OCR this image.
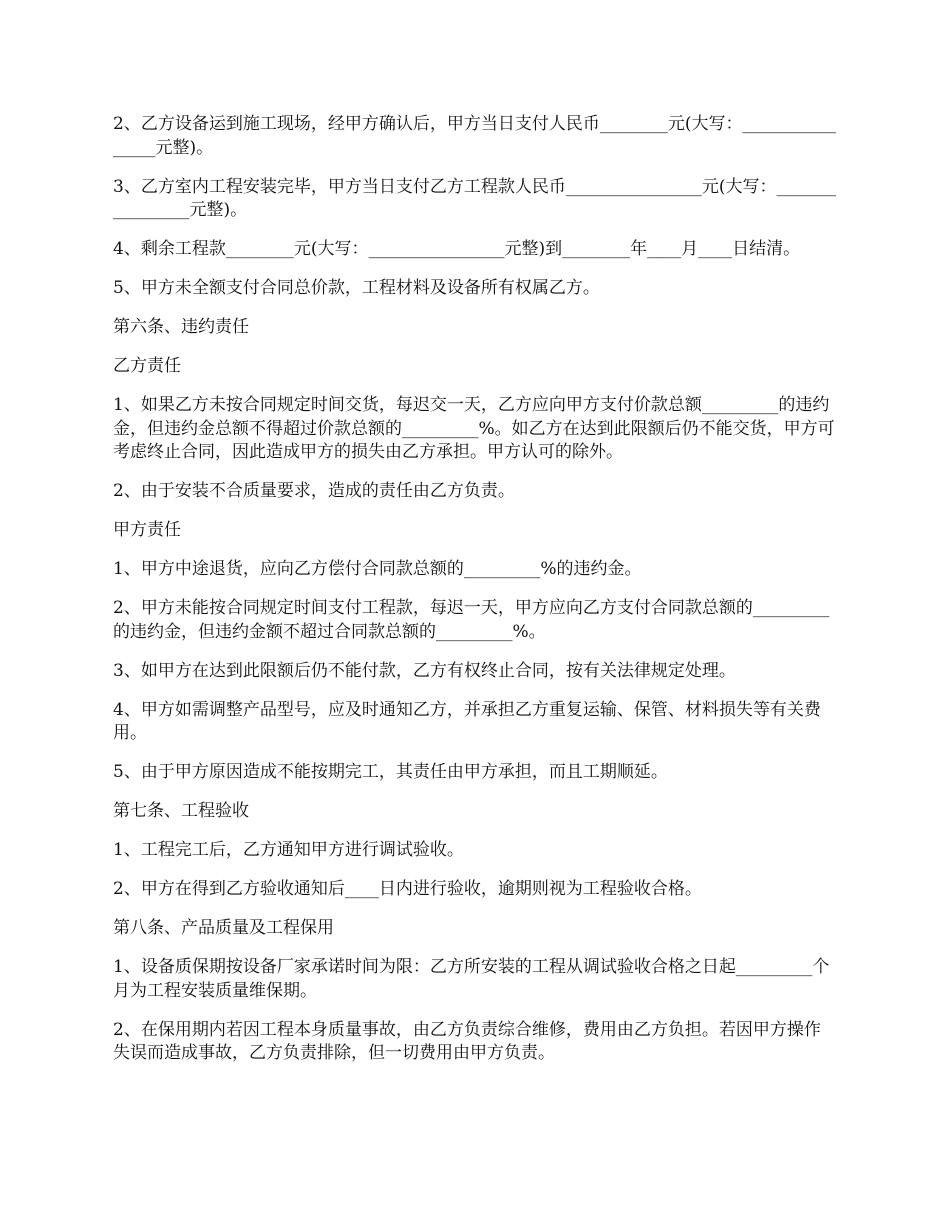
2、乙方设备运到施工现场，经甲方确认后，甲方当日支付人民币________元(大写：________________元整)。

3、乙方室内工程安装完毕，甲方当日支付乙方工程款人民币________________元(大写：________________元整)。

4、剩余工程款________元(大写：________________元整)到________年____月____日结清。

5、甲方未全额支付合同总价款，工程材料及设备所有权属乙方。

第六条、违约责任

乙方责任

1、如果乙方未按合同规定时间交货，每迟交一天，乙方应向甲方支付价款总额_________的违约金，但违约金总额不得超过价款总额的_________%。如乙方在达到此限额后仍不能交货，甲方可考虑终止合同，因此造成甲方的损失由乙方承担。甲方认可的除外。

2、由于安装不合质量要求，造成的责任由乙方负责。

甲方责任

1、甲方中途退货，应向乙方偿付合同款总额的_________%的违约金。

2、甲方未能按合同规定时间支付工程款，每迟一天，甲方应向乙方支付合同款总额的_________的违约金，但违约金额不超过合同款总额的_________%。

3、如甲方在达到此限额后仍不能付款，乙方有权终止合同，按有关法律规定处理。

4、甲方如需调整产品型号，应及时通知乙方，并承担乙方重复运输、保管、材料损失等有关费用。

5、由于甲方原因造成不能按期完工，其责任由甲方承担，而且工期顺延。

第七条、工程验收

1、工程完工后，乙方通知甲方进行调试验收。

2、甲方在得到乙方验收通知后____日内进行验收，逾期则视为工程验收合格。

第八条、产品质量及工程保用

1、设备质保期按设备厂家承诺时间为限：乙方所安装的工程从调试验收合格之日起_________个月为工程安装质量维保期。

2、在保用期内若因工程本身质量事故，由乙方负责综合维修，费用由乙方负担。若因甲方操作失误而造成事故，乙方负责排除，但一切费用由甲方负责。
